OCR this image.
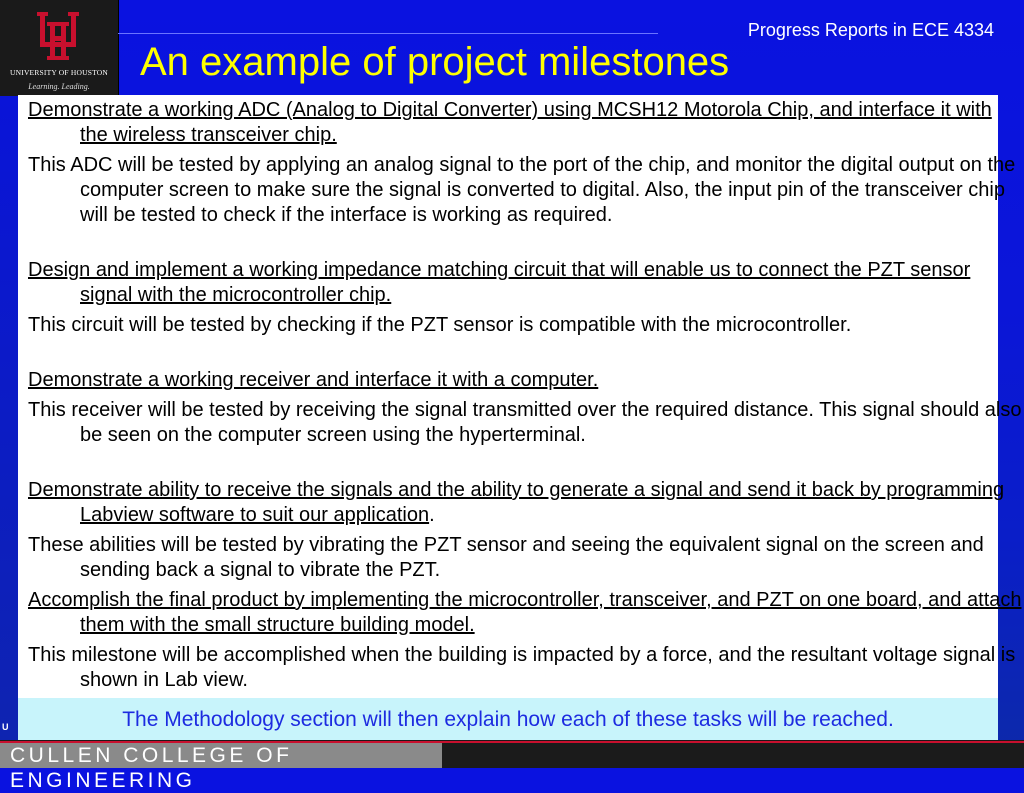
UNIVERSITY OF HOUSTON
Learning. Leading.
Progress Reports in ECE 4334
An example of project milestones
Demonstrate a working ADC (Analog to Digital Converter) using MCSH12 Motorola Chip, and interface it with the wireless transceiver chip.
This ADC will be tested by applying an analog signal to the port of the chip, and monitor the digital output on the computer screen to make sure the signal is converted to digital. Also, the input pin of the transceiver chip will be tested to check if the interface is working as required.
Design and implement a working impedance matching circuit that will enable us to connect the PZT sensor signal with the microcontroller chip.
This circuit will be tested by checking if the PZT sensor is compatible with the microcontroller.
Demonstrate a working receiver and interface it with a computer.
This receiver will be tested by receiving the signal transmitted over the required distance. This signal should also be seen on the computer screen using the hyperterminal.
Demonstrate ability to receive the signals and the ability to generate a signal and send it back by programming Labview software to suit our application.
These abilities will be tested by vibrating the PZT sensor and seeing the equivalent signal on the screen and sending back a signal to vibrate the PZT.
Accomplish the final product by implementing the microcontroller, transceiver, and PZT on one board, and attach them with the small structure building model.
This milestone will be accomplished when the building is impacted by a force, and the resultant voltage signal is shown in Lab view.
The Methodology section will then explain how each of these tasks will be reached.
U
CULLEN COLLEGE OF ENGINEERING
